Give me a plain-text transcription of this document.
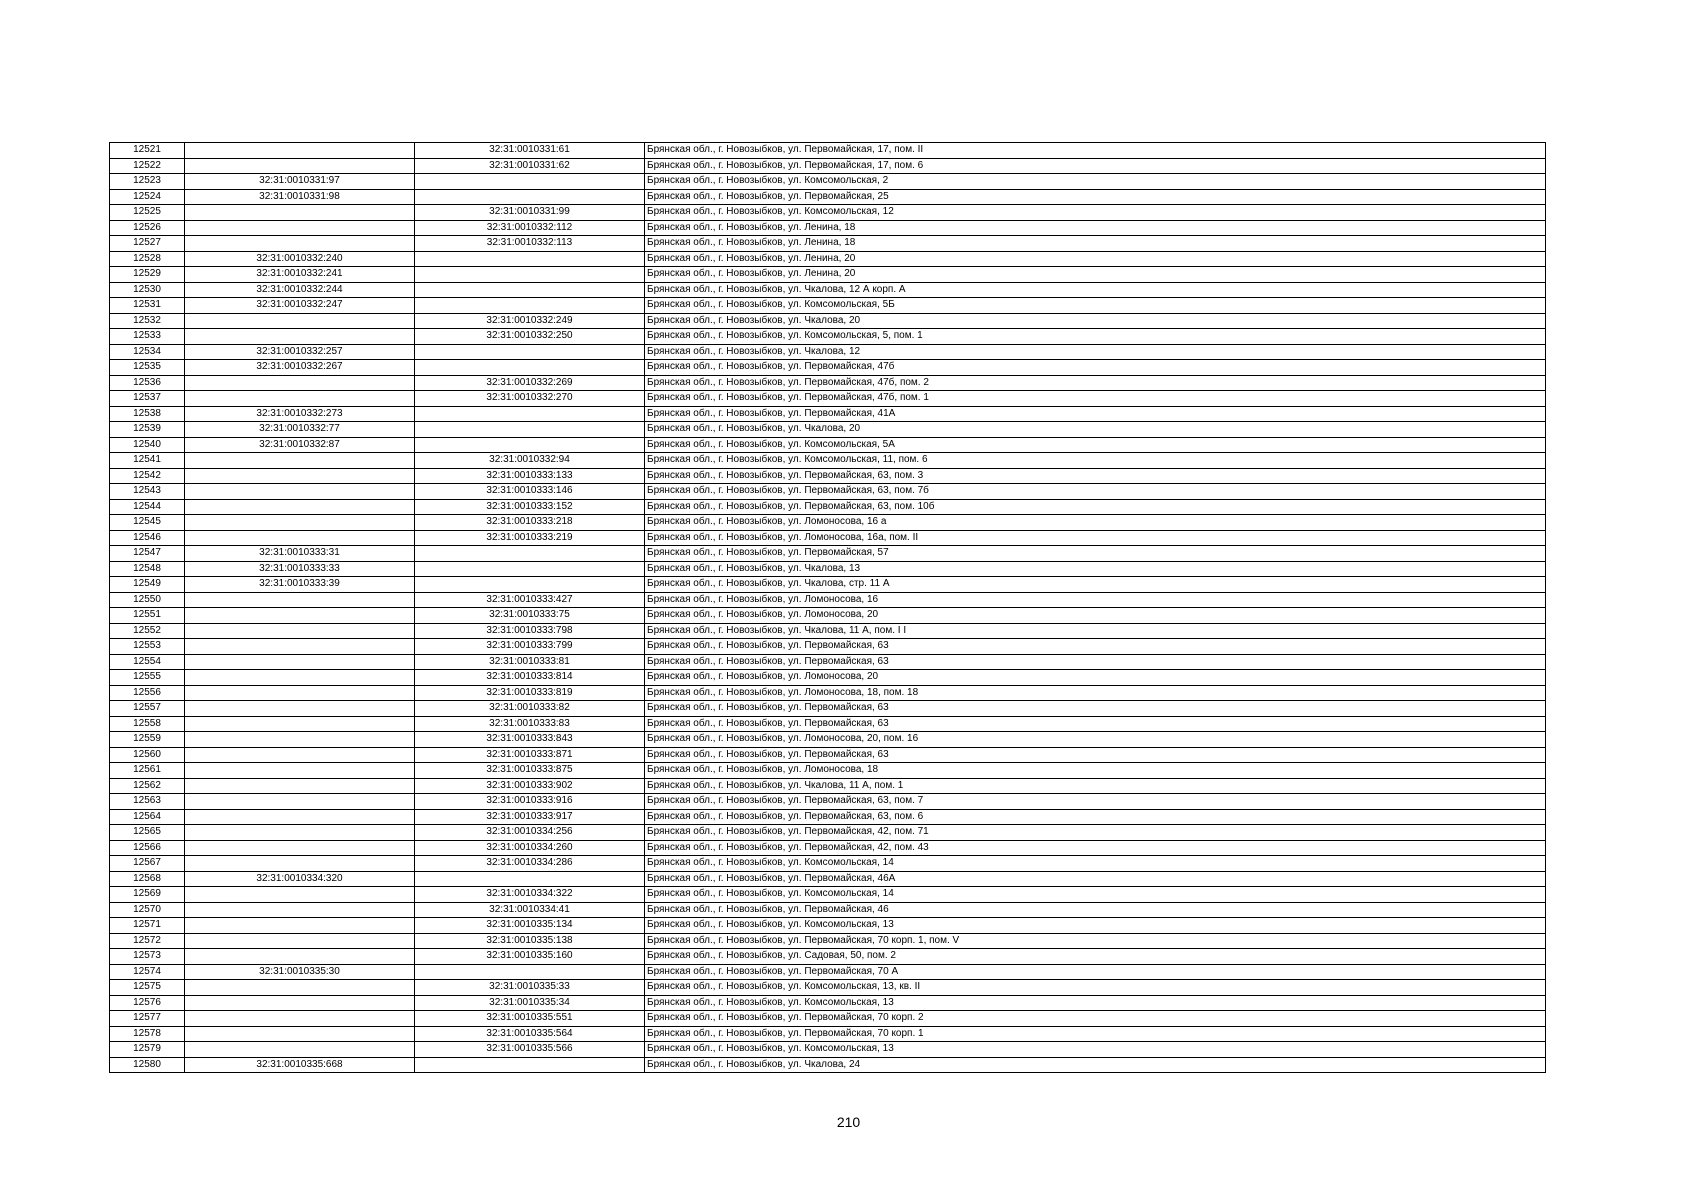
12521		32:31:0010331:61	Брянская обл., г. Новозыбков, ул. Первомайская, 17, пом. II
12522		32:31:0010331:62	Брянская обл., г. Новозыбков, ул. Первомайская, 17, пом. 6
12523	32:31:0010331:97		Брянская обл., г. Новозыбков, ул. Комсомольская, 2
12524	32:31:0010331:98		Брянская обл., г. Новозыбков, ул. Первомайская, 25
12525		32:31:0010331:99	Брянская обл., г. Новозыбков, ул. Комсомольская, 12
12526		32:31:0010332:112	Брянская обл., г. Новозыбков, ул. Ленина, 18
12527		32:31:0010332:113	Брянская обл., г. Новозыбков, ул. Ленина, 18
12528	32:31:0010332:240		Брянская обл., г. Новозыбков, ул. Ленина, 20
12529	32:31:0010332:241		Брянская обл., г. Новозыбков, ул. Ленина, 20
12530	32:31:0010332:244		Брянская обл., г. Новозыбков, ул. Чкалова, 12 А корп. А
12531	32:31:0010332:247		Брянская обл., г. Новозыбков, ул. Комсомольская, 5Б
12532		32:31:0010332:249	Брянская обл., г. Новозыбков, ул. Чкалова, 20
12533		32:31:0010332:250	Брянская обл., г. Новозыбков, ул. Комсомольская, 5, пом. 1
12534	32:31:0010332:257		Брянская обл., г. Новозыбков, ул. Чкалова, 12
12535	32:31:0010332:267		Брянская обл., г. Новозыбков, ул. Первомайская, 47б
12536		32:31:0010332:269	Брянская обл., г. Новозыбков, ул. Первомайская, 47б, пом. 2
12537		32:31:0010332:270	Брянская обл., г. Новозыбков, ул. Первомайская, 47б, пом. 1
12538	32:31:0010332:273		Брянская обл., г. Новозыбков, ул. Первомайская, 41А
12539	32:31:0010332:77		Брянская обл., г. Новозыбков, ул. Чкалова, 20
12540	32:31:0010332:87		Брянская обл., г. Новозыбков, ул. Комсомольская, 5А
12541		32:31:0010332:94	Брянская обл., г. Новозыбков, ул. Комсомольская, 11, пом. 6
12542		32:31:0010333:133	Брянская обл., г. Новозыбков, ул. Первомайская, 63, пом. 3
12543		32:31:0010333:146	Брянская обл., г. Новозыбков, ул. Первомайская, 63, пом. 7б
12544		32:31:0010333:152	Брянская обл., г. Новозыбков, ул. Первомайская, 63, пом. 10б
12545		32:31:0010333:218	Брянская обл., г. Новозыбков, ул. Ломоносова, 16 а
12546		32:31:0010333:219	Брянская обл., г. Новозыбков, ул. Ломоносова, 16а, пом. II
12547	32:31:0010333:31		Брянская обл., г. Новозыбков, ул. Первомайская, 57
12548	32:31:0010333:33		Брянская обл., г. Новозыбков, ул. Чкалова, 13
12549	32:31:0010333:39		Брянская обл., г. Новозыбков, ул. Чкалова, стр. 11 А
12550		32:31:0010333:427	Брянская обл., г. Новозыбков, ул. Ломоносова, 16
12551		32:31:0010333:75	Брянская обл., г. Новозыбков, ул. Ломоносова, 20
12552		32:31:0010333:798	Брянская обл., г. Новозыбков, ул. Чкалова, 11 А, пом. I I
12553		32:31:0010333:799	Брянская обл., г. Новозыбков, ул. Первомайская, 63
12554		32:31:0010333:81	Брянская обл., г. Новозыбков, ул. Первомайская, 63
12555		32:31:0010333:814	Брянская обл., г. Новозыбков, ул. Ломоносова, 20
12556		32:31:0010333:819	Брянская обл., г. Новозыбков, ул. Ломоносова, 18, пом. 18
12557		32:31:0010333:82	Брянская обл., г. Новозыбков, ул. Первомайская, 63
12558		32:31:0010333:83	Брянская обл., г. Новозыбков, ул. Первомайская, 63
12559		32:31:0010333:843	Брянская обл., г. Новозыбков, ул. Ломоносова, 20, пом. 16
12560		32:31:0010333:871	Брянская обл., г. Новозыбков, ул. Первомайская, 63
12561		32:31:0010333:875	Брянская обл., г. Новозыбков, ул. Ломоносова, 18
12562		32:31:0010333:902	Брянская обл., г. Новозыбков, ул. Чкалова, 11 А, пом. 1
12563		32:31:0010333:916	Брянская обл., г. Новозыбков, ул. Первомайская, 63, пом. 7
12564		32:31:0010333:917	Брянская обл., г. Новозыбков, ул. Первомайская, 63, пом. 6
12565		32:31:0010334:256	Брянская обл., г. Новозыбков, ул. Первомайская, 42, пом. 71
12566		32:31:0010334:260	Брянская обл., г. Новозыбков, ул. Первомайская, 42, пом. 43
12567		32:31:0010334:286	Брянская обл., г. Новозыбков, ул. Комсомольская, 14
12568	32:31:0010334:320		Брянская обл., г. Новозыбков, ул. Первомайская, 46А
12569		32:31:0010334:322	Брянская обл., г. Новозыбков, ул. Комсомольская, 14
12570		32:31:0010334:41	Брянская обл., г. Новозыбков, ул. Первомайская, 46
12571		32:31:0010335:134	Брянская обл., г. Новозыбков, ул. Комсомольская, 13
12572		32:31:0010335:138	Брянская обл., г. Новозыбков, ул. Первомайская, 70 корп. 1, пом. V
12573		32:31:0010335:160	Брянская обл., г. Новозыбков, ул. Садовая, 50, пом. 2
12574	32:31:0010335:30		Брянская обл., г. Новозыбков, ул. Первомайская, 70 А
12575		32:31:0010335:33	Брянская обл., г. Новозыбков, ул. Комсомольская, 13, кв. II
12576		32:31:0010335:34	Брянская обл., г. Новозыбков, ул. Комсомольская, 13
12577		32:31:0010335:551	Брянская обл., г. Новозыбков, ул. Первомайская, 70 корп. 2
12578		32:31:0010335:564	Брянская обл., г. Новозыбков, ул. Первомайская, 70 корп. 1
12579		32:31:0010335:566	Брянская обл., г. Новозыбков, ул. Комсомольская, 13
12580	32:31:0010335:668		Брянская обл., г. Новозыбков, ул. Чкалова, 24
210
